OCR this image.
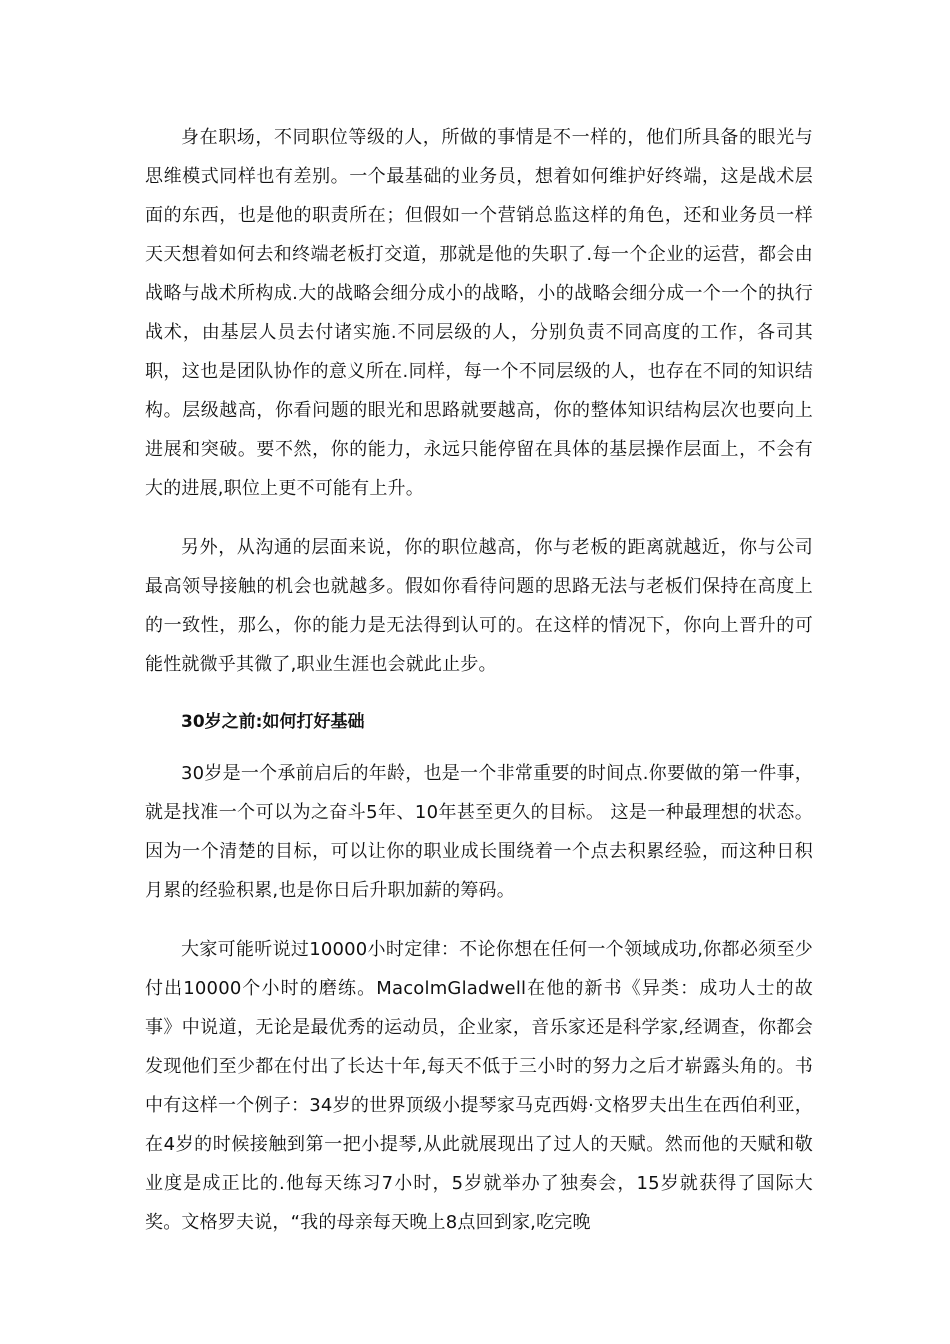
身在职场，不同职位等级的人，所做的事情是不一样的，他们所具备的眼光与思维模式同样也有差别。一个最基础的业务员，想着如何维护好终端，这是战术层面的东西，也是他的职责所在；但假如一个营销总监这样的角色，还和业务员一样天天想着如何去和终端老板打交道，那就是他的失职了.每一个企业的运营，都会由战略与战术所构成.大的战略会细分成小的战略，小的战略会细分成一个一个的执行战术，由基层人员去付诸实施.不同层级的人，分别负责不同高度的工作，各司其职，这也是团队协作的意义所在.同样，每一个不同层级的人，也存在不同的知识结构。层级越高，你看问题的眼光和思路就要越高，你的整体知识结构层次也要向上进展和突破。要不然，你的能力，永远只能停留在具体的基层操作层面上，不会有大的进展,职位上更不可能有上升。

另外，从沟通的层面来说，你的职位越高，你与老板的距离就越近，你与公司最高领导接触的机会也就越多。假如你看待问题的思路无法与老板们保持在高度上的一致性，那么，你的能力是无法得到认可的。在这样的情况下，你向上晋升的可能性就微乎其微了,职业生涯也会就此止步。

30岁之前:如何打好基础

30岁是一个承前启后的年龄，也是一个非常重要的时间点.你要做的第一件事，就是找准一个可以为之奋斗5年、10年甚至更久的目标。 这是一种最理想的状态。因为一个清楚的目标，可以让你的职业成长围绕着一个点去积累经验，而这种日积月累的经验积累,也是你日后升职加薪的筹码。

大家可能听说过10000小时定律：不论你想在任何一个领域成功,你都必须至少付出10000个小时的磨练。MacolmGladwell在他的新书《异类：成功人士的故事》中说道，无论是最优秀的运动员，企业家，音乐家还是科学家,经调查，你都会发现他们至少都在付出了长达十年,每天不低于三小时的努力之后才崭露头角的。书中有这样一个例子：34岁的世界顶级小提琴家马克西姆·文格罗夫出生在西伯利亚，在4岁的时候接触到第一把小提琴,从此就展现出了过人的天赋。然而他的天赋和敬业度是成正比的.他每天练习7小时，5岁就举办了独奏会，15岁就获得了国际大奖。文格罗夫说，“我的母亲每天晚上8点回到家,吃完晚
